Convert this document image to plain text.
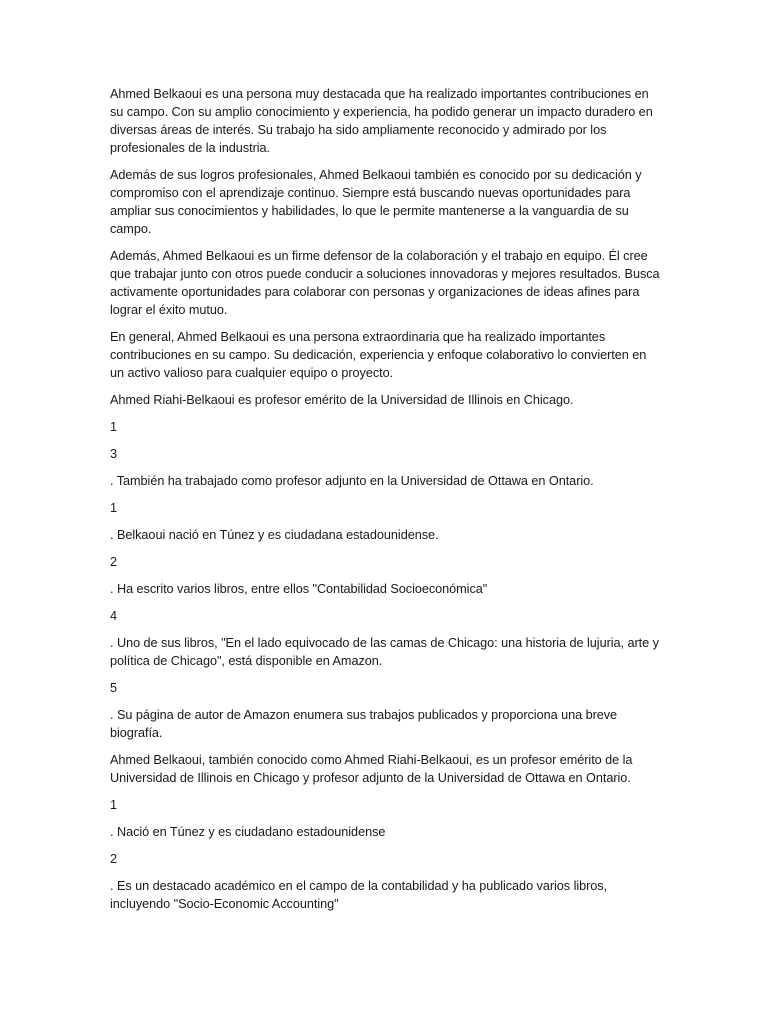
Ahmed Belkaoui es una persona muy destacada que ha realizado importantes contribuciones en su campo. Con su amplio conocimiento y experiencia, ha podido generar un impacto duradero en diversas áreas de interés. Su trabajo ha sido ampliamente reconocido y admirado por los profesionales de la industria.

Además de sus logros profesionales, Ahmed Belkaoui también es conocido por su dedicación y compromiso con el aprendizaje continuo. Siempre está buscando nuevas oportunidades para ampliar sus conocimientos y habilidades, lo que le permite mantenerse a la vanguardia de su campo.

Además, Ahmed Belkaoui es un firme defensor de la colaboración y el trabajo en equipo. Él cree que trabajar junto con otros puede conducir a soluciones innovadoras y mejores resultados. Busca activamente oportunidades para colaborar con personas y organizaciones de ideas afines para lograr el éxito mutuo.

En general, Ahmed Belkaoui es una persona extraordinaria que ha realizado importantes contribuciones en su campo. Su dedicación, experiencia y enfoque colaborativo lo convierten en un activo valioso para cualquier equipo o proyecto.

Ahmed Riahi-Belkaoui es profesor emérito de la Universidad de Illinois en Chicago.

1

3

. También ha trabajado como profesor adjunto en la Universidad de Ottawa en Ontario.

1

. Belkaoui nació en Túnez y es ciudadana estadounidense.

2

. Ha escrito varios libros, entre ellos "Contabilidad Socioeconómica"

4

. Uno de sus libros, "En el lado equivocado de las camas de Chicago: una historia de lujuria, arte y política de Chicago", está disponible en Amazon.

5

. Su página de autor de Amazon enumera sus trabajos publicados y proporciona una breve biografía.

Ahmed Belkaoui, también conocido como Ahmed Riahi-Belkaoui, es un profesor emérito de la Universidad de Illinois en Chicago y profesor adjunto de la Universidad de Ottawa en Ontario.

1

. Nació en Túnez y es ciudadano estadounidense

2

. Es un destacado académico en el campo de la contabilidad y ha publicado varios libros, incluyendo "Socio-Economic Accounting"
